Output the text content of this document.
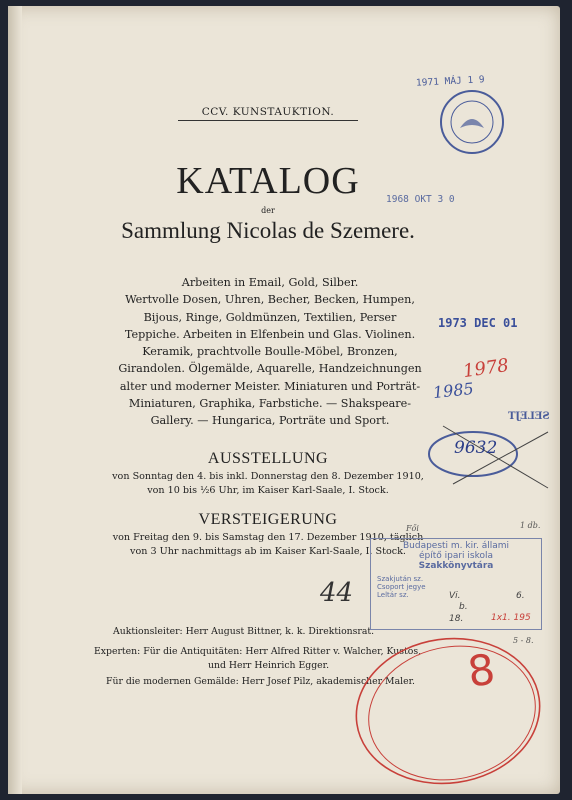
CCV. KUNSTAUKTION.
KATALOG
der
Sammlung Nicolas de Szemere.
Arbeiten in Email, Gold, Silber.
Wertvolle Dosen, Uhren, Becher, Becken, Humpen,
Bijous, Ringe, Goldmünzen, Textilien, Perser
Teppiche. Arbeiten in Elfenbein und Glas. Violinen.
Keramik, prachtvolle Boulle-Möbel, Bronzen,
Girandolen. Ölgemälde, Aquarelle, Handzeichnungen
alter und moderner Meister. Miniaturen und Porträt-
Miniaturen, Graphika, Farbstiche. — Shakspeare-
Gallery. — Hungarica, Porträte und Sport.
AUSSTELLUNG
von Sonntag den 4. bis inkl. Donnerstag den 8. Dezember 1910,
von 10 bis ½6 Uhr, im Kaiser Karl-Saale, I. Stock.
VERSTEIGERUNG
von Freitag den 9. bis Samstag den 17. Dezember 1910, täglich
von 3 Uhr nachmittags ab im Kaiser Karl-Saale, I. Stock.
Auktionsleiter: Herr August Bittner, k. k. Direktionsrat.
Experten: Für die Antiquitäten: Herr Alfred Ritter v. Walcher, Kustos,
und Herr Heinrich Egger.
Für die modernen Gemälde: Herr Josef Pilz, akademischer Maler.
1971 MÁJ 1 9
1968 OKT 3 0
1973 DEC 01
1978
1985
SELEJT
9632
Fői	1 db.
Budapesti m. kir. állami
építő ipari iskola
Szakkönyvtára
Szakjután sz.
Csoport jegye
Leltár sz.	Vi.
b.
18.
6.
1x1. 195
44
5 - 8.
8
